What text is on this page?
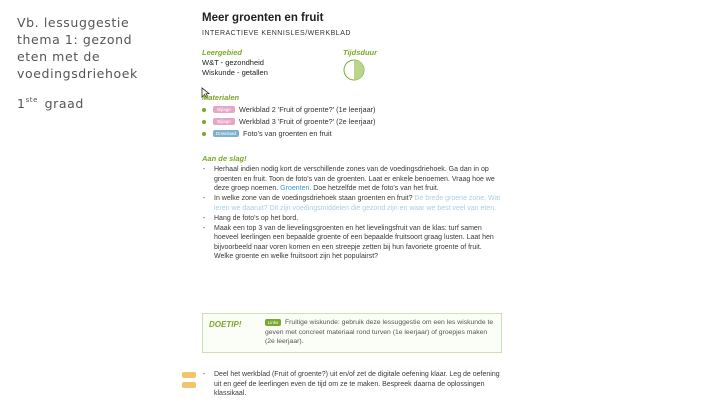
Vb. lessuggestie thema 1: gezond eten met de voedingsdriehoek
1ste graad
Meer groenten en fruit
INTERACTIEVE KENNISLES/WERKBLAD
Leergebied
W&T - gezondheid
Wiskunde - getallen
Tijdsduur
Materialen
Bijlage	Werkblad 2 'Fruit of groente?' (1e leerjaar)
Bijlage	Werkblad 3 'Fruit of groente?' (2e leerjaar)
Download Foto's van groenten en fruit
Aan de slag!
- Herhaal indien nodig kort de verschillende zones van de voedingsdriehoek. Ga dan in op groenten en fruit. Toon de foto's van de groenten. Laat er enkele benoemen. Vraag hoe we deze groep noemen. Groenten. Doe hetzelfde met de foto's van het fruit.
- In welke zone van de voedingsdriehoek staan groenten en fruit? De brede groene zone. Wat leren we daaruit? Dit zijn voedingsmiddelen die gezond zijn en waar we best veel van eten.
- Hang de foto's op het bord.
- Maak een top 3 van de lievelingsgroenten en het lievelingsfruit van de klas: turf samen hoeveel leerlingen een bepaalde groente of een bepaalde fruitsoort graag lusten. Laat hen bijvoorbeeld naar voren komen en een streepje zetten bij hun favoriete groente of fruit. Welke groente en welke fruitsoort zijn het populairst?
DOETIP!	Links Fruitige wiskunde: gebruik deze lessuggestie om een les wiskunde te geven met concreet materiaal rond turven (1e leerjaar) of groepjes maken (2e leerjaar).
- Deel het werkblad (Fruit of groente?) uit en/of zet de digitale oefening klaar. Leg de oefening uit en geef de leerlingen even de tijd om ze te maken. Bespreek daarna de oplossingen klassikaal.
